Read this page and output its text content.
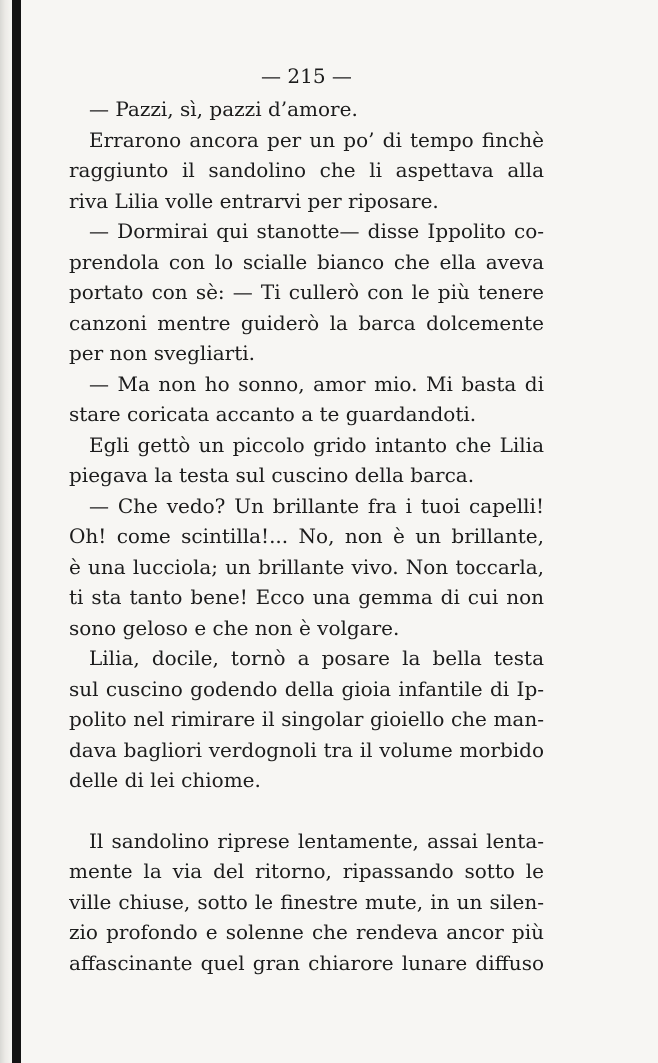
— 215 —
— Pazzi, sì, pazzi d’amore.
Errarono ancora per un po’ di tempo finchè
raggiunto il sandolino che li aspettava alla
riva Lilia volle entrarvi per riposare.
— Dormirai qui stanotte— disse Ippolito co-
prendola con lo scialle bianco che ella aveva
portato con sè: — Ti cullerò con le più tenere
canzoni mentre guiderò la barca dolcemente
per non svegliarti.
— Ma non ho sonno, amor mio. Mi basta di
stare coricata accanto a te guardandoti.
Egli gettò un piccolo grido intanto che Lilia
piegava la testa sul cuscino della barca.
— Che vedo? Un brillante fra i tuoi capelli!
Oh! come scintilla!... No, non è un brillante,
è una lucciola; un brillante vivo. Non toccarla,
ti sta tanto bene! Ecco una gemma di cui non
sono geloso e che non è volgare.
Lilia, docile, tornò a posare la bella testa
sul cuscino godendo della gioia infantile di Ip-
polito nel rimirare il singolar gioiello che man-
dava bagliori verdognoli tra il volume morbido
delle di lei chiome.
Il sandolino riprese lentamente, assai lenta-
mente la via del ritorno, ripassando sotto le
ville chiuse, sotto le finestre mute, in un silen-
zio profondo e solenne che rendeva ancor più
affascinante quel gran chiarore lunare diffuso
